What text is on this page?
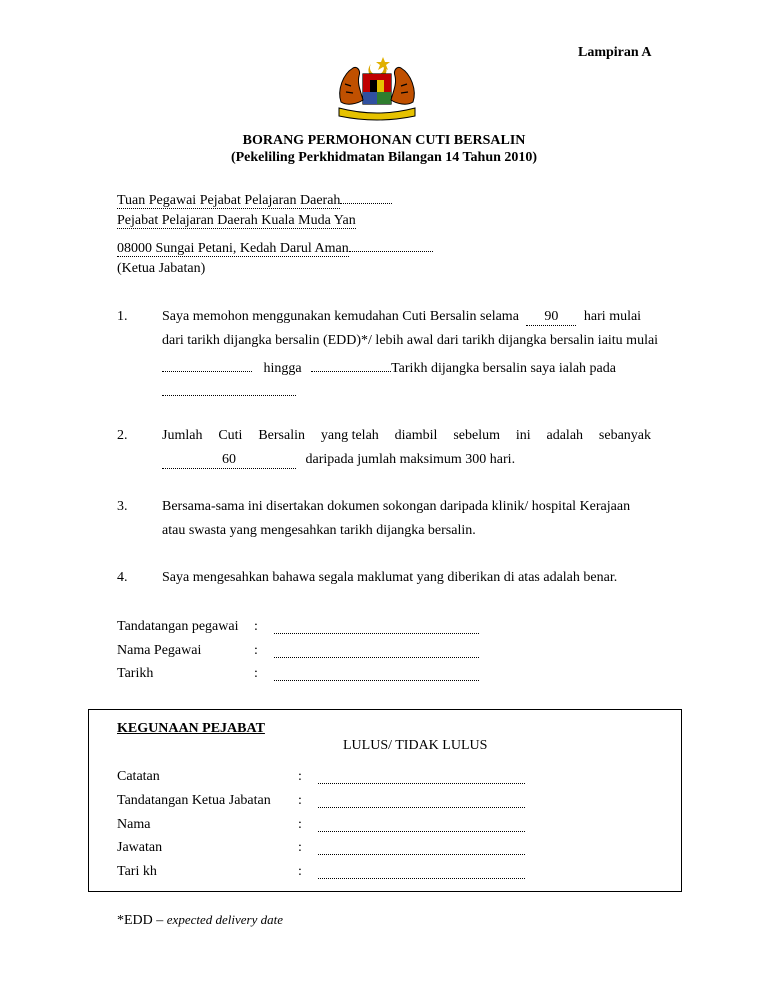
Lampiran A
BORANG PERMOHONAN CUTI BERSALIN
(Pekeliling Perkhidmatan Bilangan 14 Tahun 2010)
Tuan Pegawai Pejabat Pelajaran Daerah
Pejabat Pelajaran Daerah Kuala Muda Yan
08000 Sungai Petani, Kedah Darul Aman
(Ketua Jabatan)
1. Saya memohon menggunakan kemudahan Cuti Bersalin selama 90 hari mulai
dari tarikh dijangka bersalin (EDD)*/ lebih awal dari tarikh dijangka bersalin iaitu mulai
hingga	Tarikh dijangka bersalin saya ialah pada
2. Jumlah Cuti Bersalin yang telah diambil sebelum ini adalah sebanyak
60	daripada jumlah maksimum 300 hari.
3. Bersama-sama ini disertakan dokumen sokongan daripada klinik/ hospital Kerajaan
atau swasta yang mengesahkan tarikh dijangka bersalin.
4. Saya mengesahkan bahawa segala maklumat yang diberikan di atas adalah benar.
Tandatangan pegawai :
Nama Pegawai	:
Tarikh	:
KEGUNAAN PEJABAT
LULUS/ TIDAK LULUS
Catatan	:
Tandatangan Ketua Jabatan :
Nama	:
Jawatan	:
Tari kh	:
*EDD – expected delivery date
